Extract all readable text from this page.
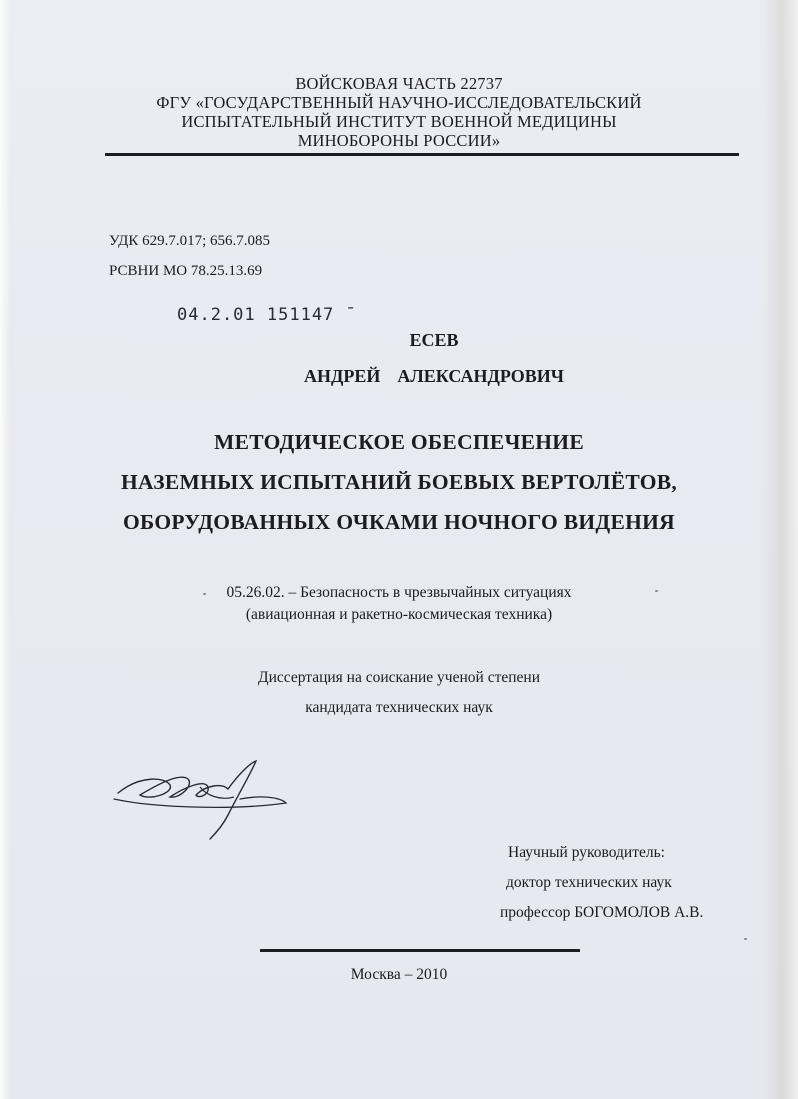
ВОЙСКОВАЯ ЧАСТЬ 22737
ФГУ «ГОСУДАРСТВЕННЫЙ НАУЧНО-ИССЛЕДОВАТЕЛЬСКИЙ
ИСПЫТАТЕЛЬНЫЙ ИНСТИТУТ ВОЕННОЙ МЕДИЦИНЫ
МИНОБОРОНЫ РОССИИ»
УДК 629.7.017; 656.7.085
РСВНИ МО 78.25.13.69
04.2.01 151147 ¯
ЕСЕВ
АНДРЕЙ  АЛЕКСАНДРОВИЧ
МЕТОДИЧЕСКОЕ ОБЕСПЕЧЕНИЕ
НАЗЕМНЫХ ИСПЫТАНИЙ БОЕВЫХ ВЕРТОЛЁТОВ,
ОБОРУДОВАННЫХ ОЧКАМИ НОЧНОГО ВИДЕНИЯ
05.26.02. – Безопасность в чрезвычайных ситуациях
(авиационная и ракетно-космическая техника)
Диссертация на соискание ученой степени
кандидата технических наук
Научный руководитель:
доктор технических наук
профессор БОГОМОЛОВ А.В.
Москва – 2010
